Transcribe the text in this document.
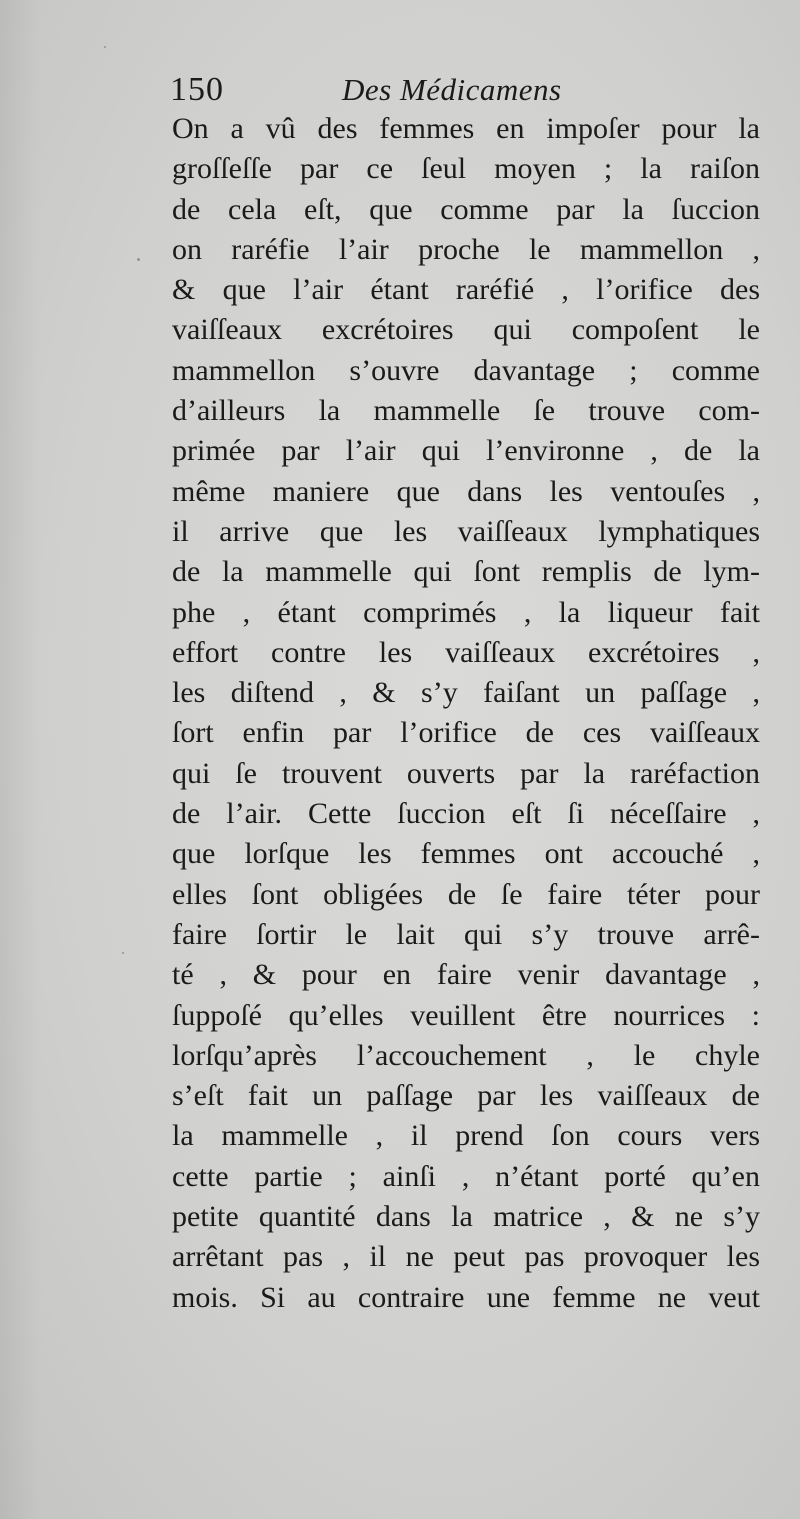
150	Des Médicamens
On a vû des femmes en impoſer pour la
groſſeſſe par ce ſeul moyen ; la raiſon
de cela eſt, que comme par la ſuccion
on raréfie l’air proche le mammellon ,
& que l’air étant raréfié , l’orifice des
vaiſſeaux excrétoires qui compoſent le
mammellon s’ouvre davantage ; comme
d’ailleurs la mammelle ſe trouve com-
primée par l’air qui l’environne , de la
même maniere que dans les ventouſes ,
il arrive que les vaiſſeaux lymphatiques
de la mammelle qui ſont remplis de lym-
phe , étant comprimés , la liqueur fait
effort contre les vaiſſeaux excrétoires ,
les diſtend , & s’y faiſant un paſſage ,
ſort enfin par l’orifice de ces vaiſſeaux
qui ſe trouvent ouverts par la raréfaction
de l’air. Cette ſuccion eſt ſi néceſſaire ,
que lorſque les femmes ont accouché ,
elles ſont obligées de ſe faire téter pour
faire ſortir le lait qui s’y trouve arrê-
té , & pour en faire venir davantage ,
ſuppoſé qu’elles veuillent être nourrices :
lorſqu’après l’accouchement , le chyle
s’eſt fait un paſſage par les vaiſſeaux de
la mammelle , il prend ſon cours vers
cette partie ; ainſi , n’étant porté qu’en
petite quantité dans la matrice , & ne s’y
arrêtant pas , il ne peut pas provoquer les
mois. Si au contraire une femme ne veut
